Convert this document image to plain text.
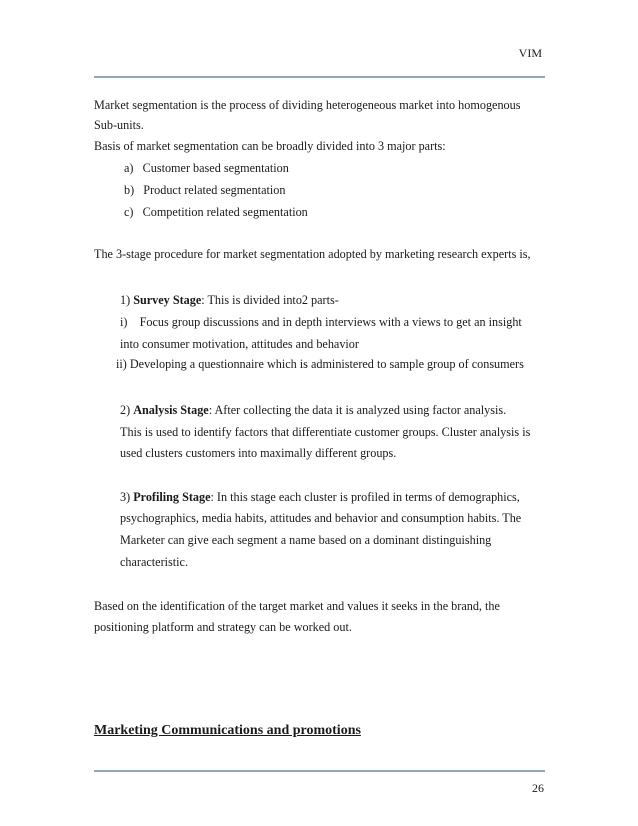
VIM
Market segmentation is the process of dividing heterogeneous market into homogenous
Sub-units.
Basis of market segmentation can be broadly divided into 3 major parts:
a)   Customer based segmentation
b)   Product related segmentation
c)   Competition related segmentation
The 3-stage procedure for market segmentation adopted by marketing research experts is,
1) Survey Stage: This is divided into2 parts-
i)    Focus group discussions and in depth interviews with a views to get an insight
into consumer motivation, attitudes and behavior
ii) Developing a questionnaire which is administered to sample group of consumers
2) Analysis Stage: After collecting the data it is analyzed using factor analysis.
This is used to identify factors that differentiate customer groups. Cluster analysis is
used clusters customers into maximally different groups.
3) Profiling Stage: In this stage each cluster is profiled in terms of demographics,
psychographics, media habits, attitudes and behavior and consumption habits. The
Marketer can give each segment a name based on a dominant distinguishing
characteristic.
Based on the identification of the target market and values it seeks in the brand, the
positioning platform and strategy can be worked out.
Marketing Communications and promotions
26
